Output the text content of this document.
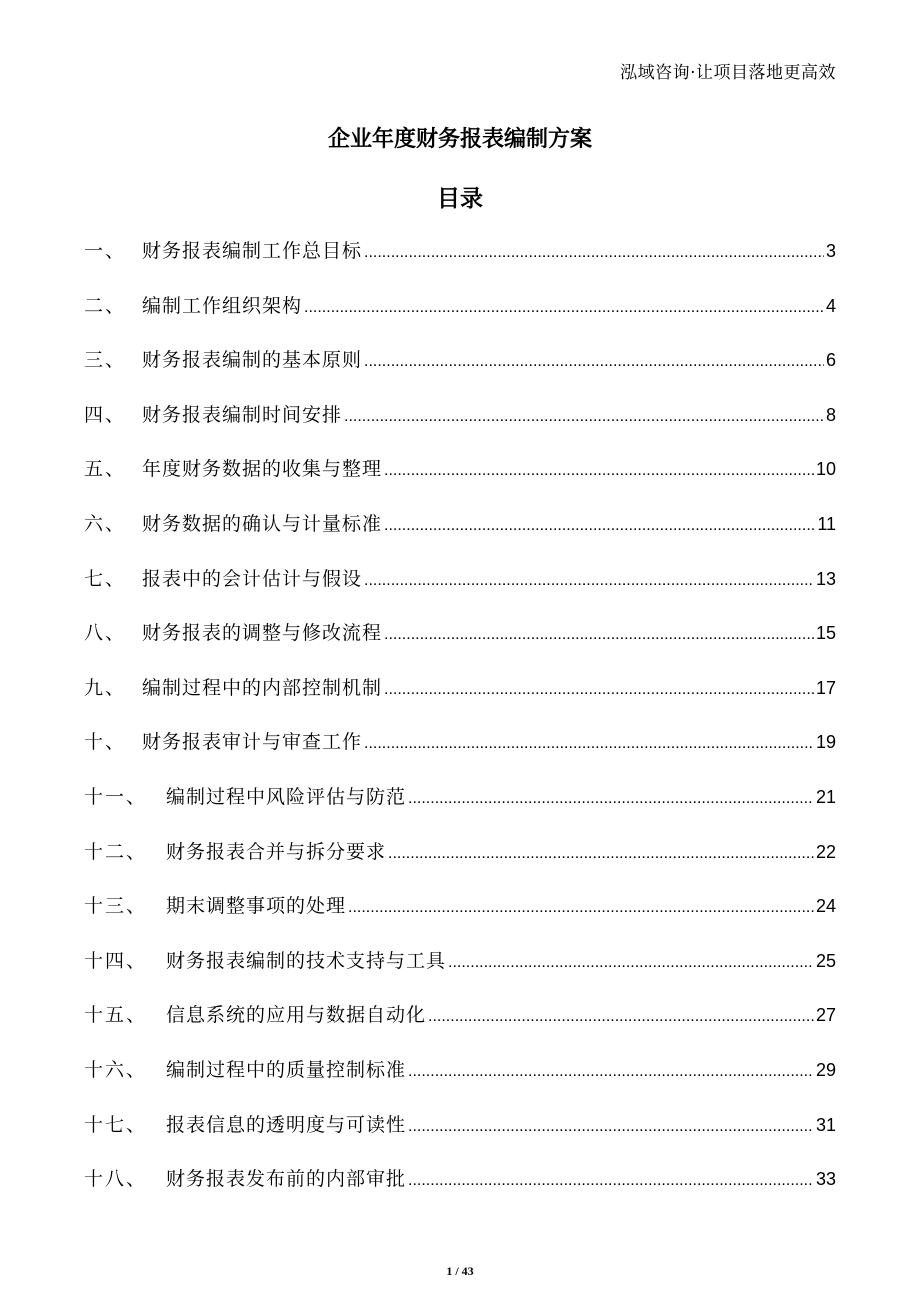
泓域咨询·让项目落地更高效
企业年度财务报表编制方案
目录
一、 财务报表编制工作总目标 .....	3
二、 编制工作组织架构 .....	4
三、 财务报表编制的基本原则 .....	6
四、 财务报表编制时间安排 .....	8
五、 年度财务数据的收集与整理 .....	10
六、 财务数据的确认与计量标准 .....	11
七、 报表中的会计估计与假设 .....	13
八、 财务报表的调整与修改流程 .....	15
九、 编制过程中的内部控制机制 .....	17
十、 财务报表审计与审查工作 .....	19
十一、 编制过程中风险评估与防范 .....	21
十二、 财务报表合并与拆分要求 .....	22
十三、 期末调整事项的处理 .....	24
十四、 财务报表编制的技术支持与工具 .....	25
十五、 信息系统的应用与数据自动化 .....	27
十六、 编制过程中的质量控制标准 .....	29
十七、 报表信息的透明度与可读性 .....	31
十八、 财务报表发布前的内部审批 .....	33
1 / 43
